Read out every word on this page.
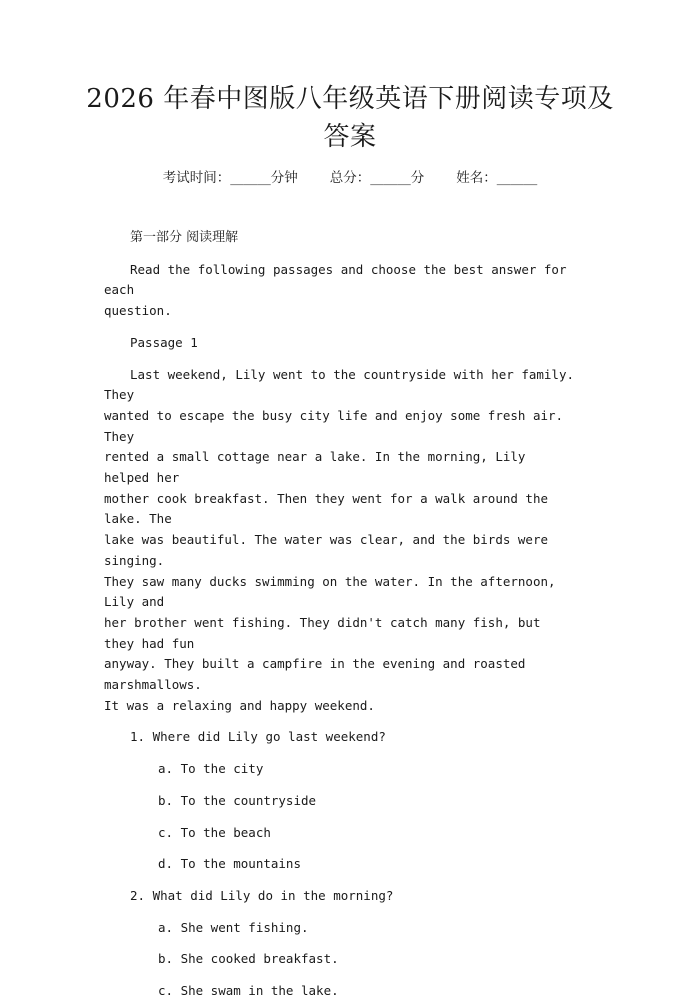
2026 年春中图版八年级英语下册阅读专项及
答案
考试时间：______分钟 总分：______分 姓名：______

第一部分 阅读理解

Read the following passages and choose the best answer for each
question.

Passage 1

Last weekend, Lily went to the countryside with her family. They
wanted to escape the busy city life and enjoy some fresh air. They
rented a small cottage near a lake. In the morning, Lily helped her
mother cook breakfast. Then they went for a walk around the lake. The
lake was beautiful. The water was clear, and the birds were singing.
They saw many ducks swimming on the water. In the afternoon, Lily and
her brother went fishing. They didn't catch many fish, but they had fun
anyway. They built a campfire in the evening and roasted marshmallows.
It was a relaxing and happy weekend.

1. Where did Lily go last weekend?

a. To the city

b. To the countryside

c. To the beach

d. To the mountains

2. What did Lily do in the morning?

a. She went fishing.

b. She cooked breakfast.

c. She swam in the lake.
